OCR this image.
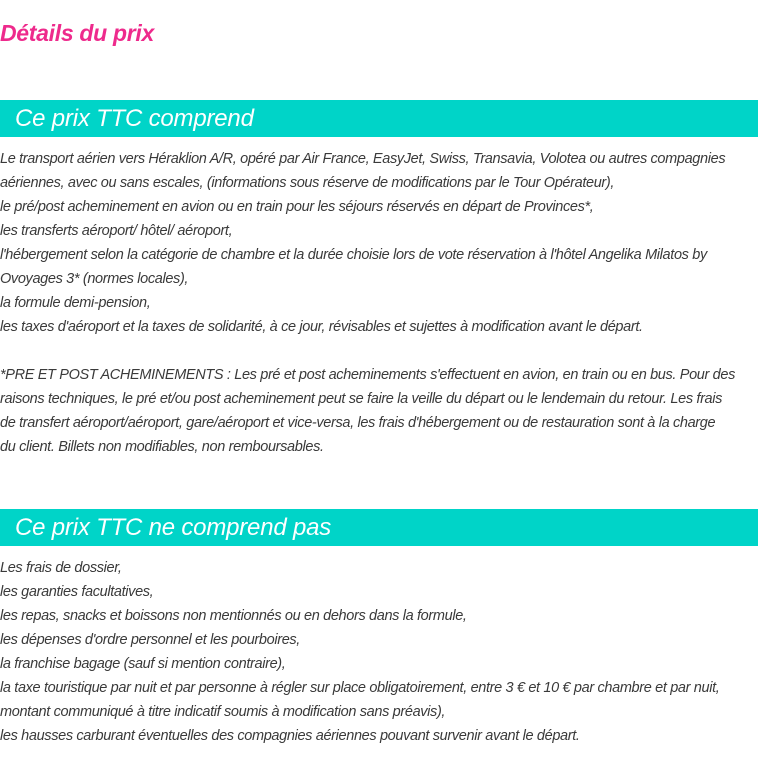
Détails du prix
Ce prix TTC comprend
Le transport aérien vers Héraklion A/R, opéré par Air France, EasyJet, Swiss, Transavia, Volotea ou autres compagnies
aériennes, avec ou sans escales, (informations sous réserve de modifications par le Tour Opérateur),
le pré/post acheminement en avion ou en train pour les séjours réservés en départ de Provinces*,
les transferts aéroport/ hôtel/ aéroport,
l'hébergement selon la catégorie de chambre et la durée choisie lors de vote réservation à l'hôtel Angelika Milatos by
Ovoyages 3* (normes locales),
la formule demi-pension,
les taxes d'aéroport et la taxes de solidarité, à ce jour, révisables et sujettes à modification avant le départ.
*PRE ET POST ACHEMINEMENTS : Les pré et post acheminements s'effectuent en avion, en train ou en bus. Pour des
raisons techniques, le pré et/ou post acheminement peut se faire la veille du départ ou le lendemain du retour. Les frais
de transfert aéroport/aéroport, gare/aéroport et vice-versa, les frais d'hébergement ou de restauration sont à la charge
du client. Billets non modifiables, non remboursables.
Ce prix TTC ne comprend pas
Les frais de dossier,
les garanties facultatives,
les repas, snacks et boissons non mentionnés ou en dehors dans la formule,
les dépenses d'ordre personnel et les pourboires,
la franchise bagage (sauf si mention contraire),
la taxe touristique par nuit et par personne à régler sur place obligatoirement, entre 3 € et 10 € par chambre et par nuit,
montant communiqué à titre indicatif soumis à modification sans préavis),
les hausses carburant éventuelles des compagnies aériennes pouvant survenir avant le départ.
